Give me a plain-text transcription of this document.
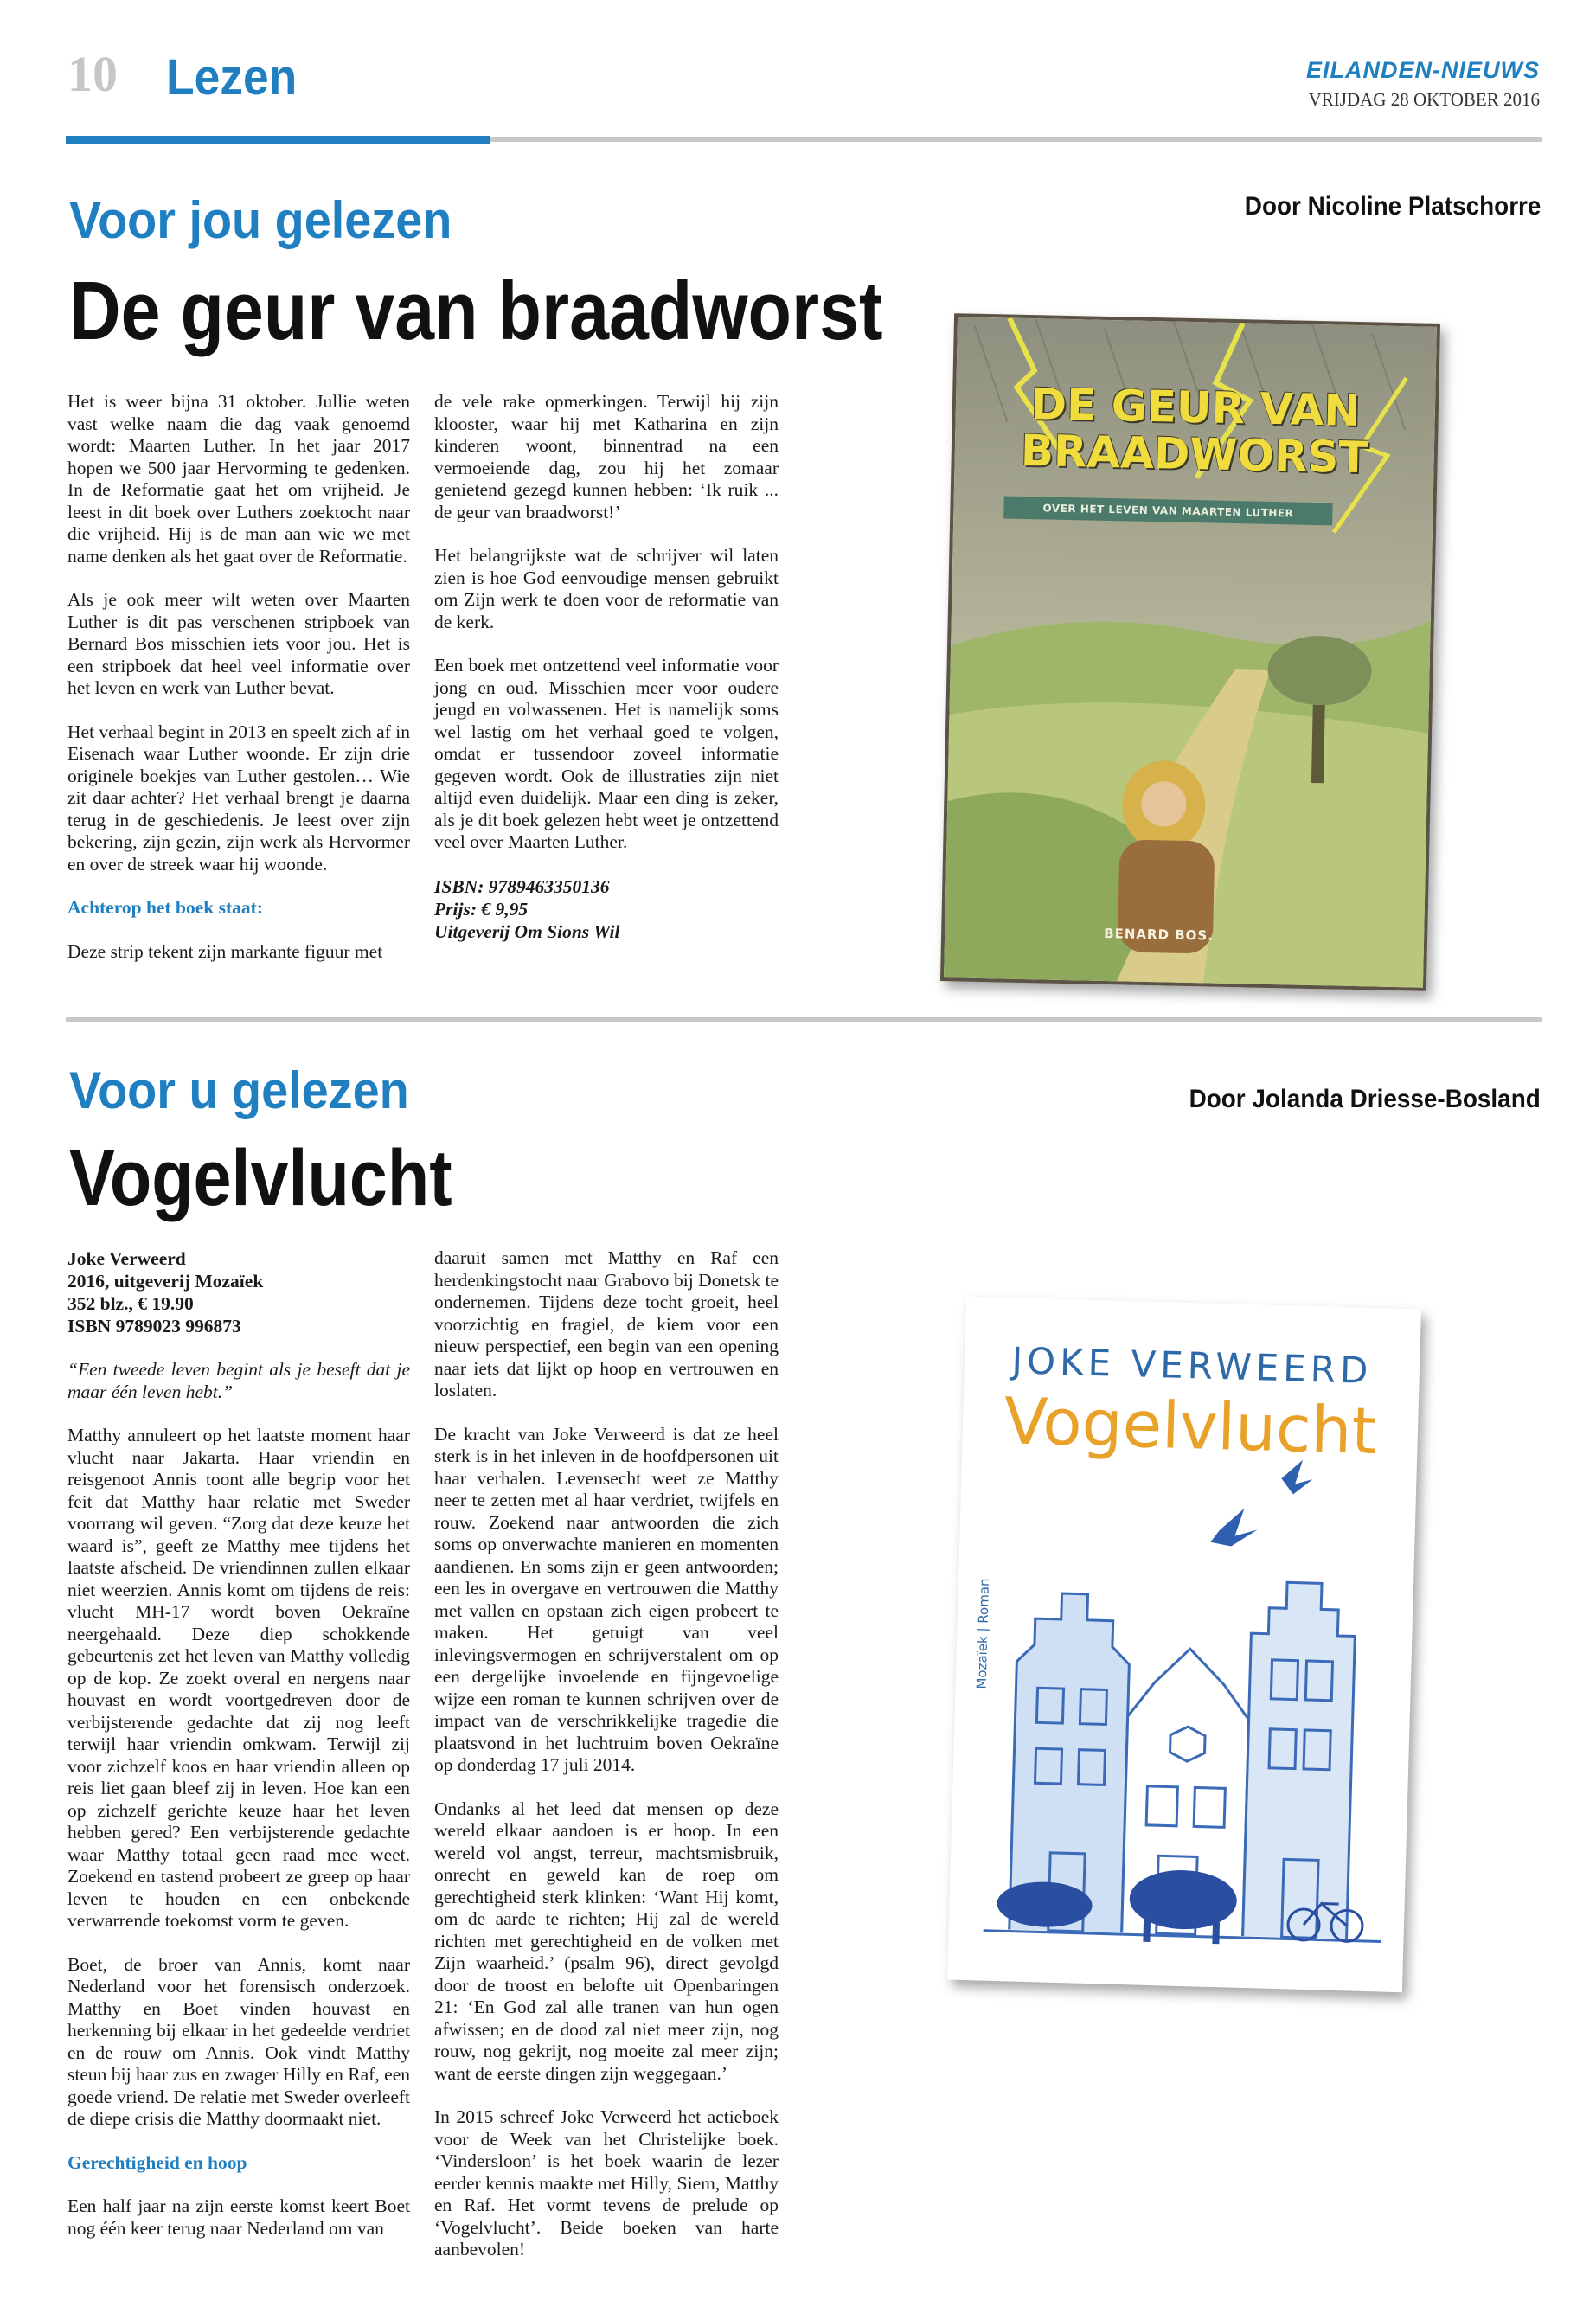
10 Lezen	EILANDEN-NIEUWS
VRIJDAG 28 OKTOBER 2016
Voor jou gelezen	Door Nicoline Platschorre
De geur van braadworst

Het is weer bijna 31 oktober. Jullie weten vast welke naam die dag vaak genoemd wordt: Maarten Luther. In het jaar 2017 hopen we 500 jaar Hervorming te gedenken. In de Reformatie gaat het om vrijheid. Je leest in dit boek over Luthers zoektocht naar die vrijheid. Hij is de man aan wie we met name denken als het gaat over de Reformatie.

Als je ook meer wilt weten over Maarten Luther is dit pas verschenen stripboek van Bernard Bos misschien iets voor jou. Het is een stripboek dat heel veel informatie over het leven en werk van Luther bevat.

Het verhaal begint in 2013 en speelt zich af in Eisenach waar Luther woonde. Er zijn drie originele boekjes van Luther gestolen… Wie zit daar achter? Het verhaal brengt je daarna terug in de geschiedenis. Je leest over zijn bekering, zijn gezin, zijn werk als Hervormer en over de streek waar hij woonde.

Achterop het boek staat:

Deze strip tekent zijn markante figuur met

de vele rake opmerkingen. Terwijl hij zijn klooster, waar hij met Katharina en zijn kinderen woont, binnentrad na een vermoeiende dag, zou hij het zomaar genietend gezegd kunnen hebben: ‘Ik ruik ... de geur van braadworst!’

Het belangrijkste wat de schrijver wil laten zien is hoe God eenvoudige mensen gebruikt om Zijn werk te doen voor de reformatie van de kerk.

Een boek met ontzettend veel informatie voor jong en oud. Misschien meer voor oudere jeugd en volwassenen. Het is namelijk soms wel lastig om het verhaal goed te volgen, omdat er tussendoor zoveel informatie gegeven wordt. Ook de illustraties zijn niet altijd even duidelijk. Maar een ding is zeker, als je dit boek gelezen hebt weet je ontzettend veel over Maarten Luther.

ISBN: 9789463350136
Prijs: € 9,95
Uitgeverij Om Sions Wil
DE GEUR VAN
BRAADWORST
OVER HET LEVEN VAN MAARTEN LUTHER
BENARD BOS.
Voor u gelezen	Door Jolanda Driesse-Bosland
Vogelvlucht
Joke Verweerd
2016, uitgeverij Mozaïek
352 blz., € 19.90
ISBN 9789023 996873

“Een tweede leven begint als je beseft dat je maar één leven hebt.”

Matthy annuleert op het laatste moment haar vlucht naar Jakarta. Haar vriendin en reisgenoot Annis toont alle begrip voor het feit dat Matthy haar relatie met Sweder voorrang wil geven. “Zorg dat deze keuze het waard is”, geeft ze Matthy mee tijdens het laatste afscheid. De vriendinnen zullen elkaar niet weerzien. Annis komt om tijdens de reis: vlucht MH-17 wordt boven Oekraïne neergehaald. Deze diep schokkende gebeurtenis zet het leven van Matthy volledig op de kop. Ze zoekt overal en nergens naar houvast en wordt voortgedreven door de verbijsterende gedachte dat zij nog leeft terwijl haar vriendin omkwam. Terwijl zij voor zichzelf koos en haar vriendin alleen op reis liet gaan bleef zij in leven. Hoe kan een op zichzelf gerichte keuze haar het leven hebben gered? Een verbijsterende gedachte waar Matthy totaal geen raad mee weet. Zoekend en tastend probeert ze greep op haar leven te houden en een onbekende verwarrende toekomst vorm te geven.

Boet, de broer van Annis, komt naar Nederland voor het forensisch onderzoek. Matthy en Boet vinden houvast en herkenning bij elkaar in het gedeelde verdriet en de rouw om Annis. Ook vindt Matthy steun bij haar zus en zwager Hilly en Raf, een goede vriend. De relatie met Sweder overleeft de diepe crisis die Matthy doormaakt niet.

Gerechtigheid en hoop

Een half jaar na zijn eerste komst keert Boet nog één keer terug naar Nederland om van

daaruit samen met Matthy en Raf een herdenkingstocht naar Grabovo bij Donetsk te ondernemen. Tijdens deze tocht groeit, heel voorzichtig en fragiel, de kiem voor een nieuw perspectief, een begin van een opening naar iets dat lijkt op hoop en vertrouwen en loslaten.

De kracht van Joke Verweerd is dat ze heel sterk is in het inleven in de hoofdpersonen uit haar verhalen. Levensecht weet ze Matthy neer te zetten met al haar verdriet, twijfels en rouw. Zoekend naar antwoorden die zich soms op onverwachte manieren en momenten aandienen. En soms zijn er geen antwoorden; een les in overgave en vertrouwen die Matthy met vallen en opstaan zich eigen probeert te maken. Het getuigt van veel inlevingsvermogen en schrijverstalent om op een dergelijke invoelende en fijngevoelige wijze een roman te kunnen schrijven over de impact van de verschrikkelijke tragedie die plaatsvond in het luchtruim boven Oekraïne op donderdag 17 juli 2014.

Ondanks al het leed dat mensen op deze wereld elkaar aandoen is er hoop. In een wereld vol angst, terreur, machtsmisbruik, onrecht en geweld kan de roep om gerechtigheid sterk klinken: ‘Want Hij komt, om de aarde te richten; Hij zal de wereld richten met gerechtigheid en de volken met Zijn waarheid.’ (psalm 96), direct gevolgd door de troost en belofte uit Openbaringen 21: ‘En God zal alle tranen van hun ogen afwissen; en de dood zal niet meer zijn, nog rouw, nog gekrijt, nog moeite zal meer zijn; want de eerste dingen zijn weggegaan.’

In 2015 schreef Joke Verweerd het actieboek voor de Week van het Christelijke boek. ‘Vindersloon’ is het boek waarin de lezer eerder kennis maakte met Hilly, Siem, Matthy en Raf. Het vormt tevens de prelude op ‘Vogelvlucht’. Beide boeken van harte aanbevolen!

JOKE VERWEERD
Vogelvlucht
Mozaïek | Roman
